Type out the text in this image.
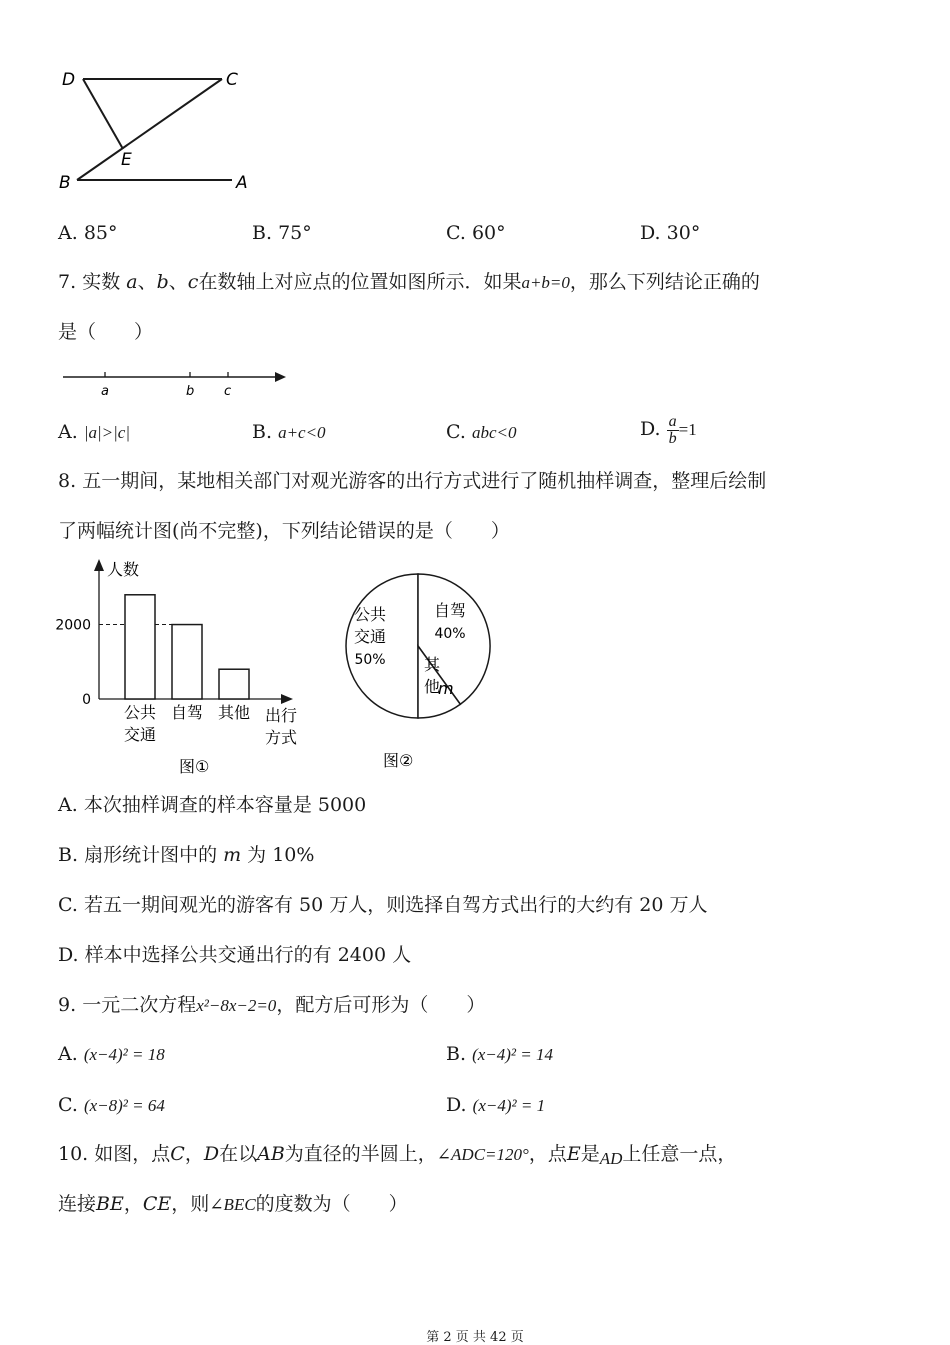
D	C
E
B	A
A. 85°	B. 75°	C. 60°	D. 30°
7. 实数 a、b、c在数轴上对应点的位置如图所示．如果a+b=0，那么下列结论正确的
是（　　）
a	b c
A. |a|>|c|	B. a+c<0	C. abc<0	D. $\frac{a}{b} =1$
8. 五一期间，某地相关部门对观光游客的出行方式进行了随机抽样调查，整理后绘制
了两幅统计图(尚不完整)，下列结论错误的是（　　）
人数
出行
方式
图①
0
2000
公共
交通
自驾 其他
公共
交通
50%
自驾
40%
其
他
m
图②
A. 本次抽样调查的样本容量是 5000
B. 扇形统计图中的 m 为 10%
C. 若五一期间观光的游客有 50 万人，则选择自驾方式出行的大约有 20 万人
D. 样本中选择公共交通出行的有 2400 人
9. 一元二次方程x²−8x−2=0，配方后可形为（　　）
A. (x−4)² = 18	B. (x−4)² = 14
C. (x−8)² = 64	D. (x−4)² = 1
10. 如图，点C，D在以AB为直径的半圆上，∠ADC=120°，点E是AD上任意一点，
连接BE，CE，则∠BEC的度数为（　　）
第 2 页 共 42 页
